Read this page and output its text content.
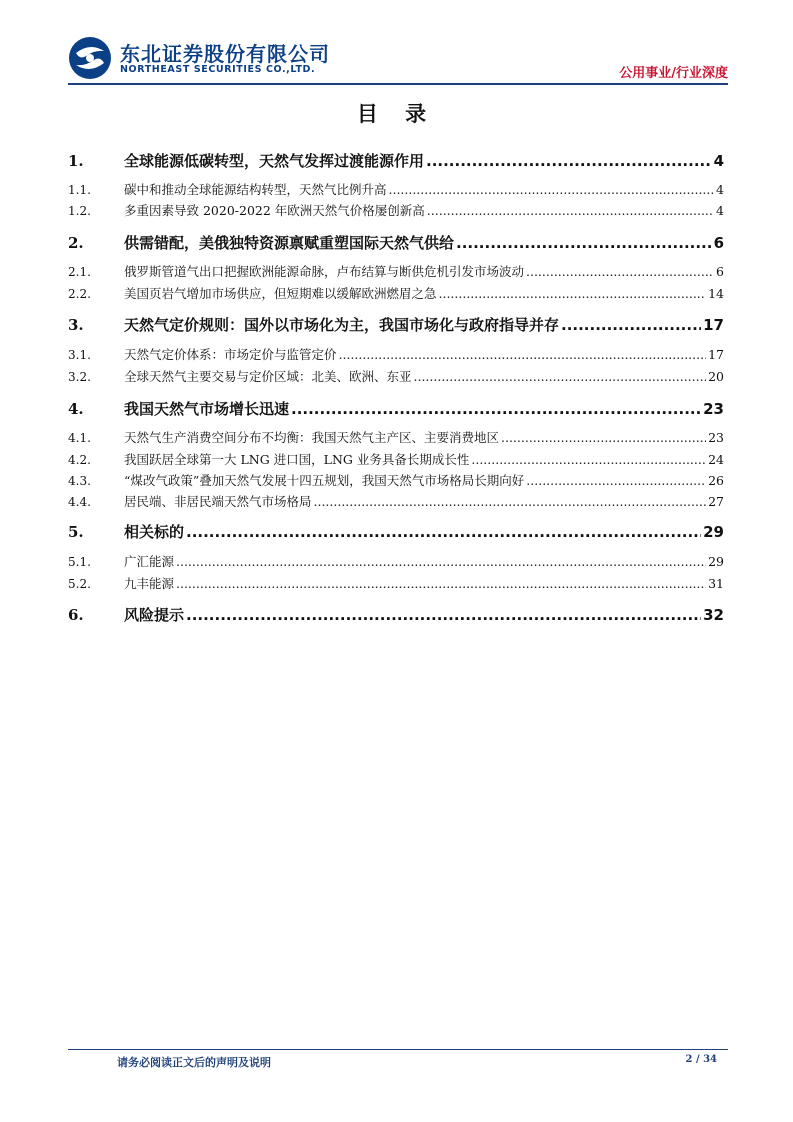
东北证券股份有限公司
NORTHEAST SECURITIES CO.,LTD.	公用事业/行业深度
目 录
1.	全球能源低碳转型，天然气发挥过渡能源作用 .....	4
1.1.	碳中和推动全球能源结构转型，天然气比例升高 .....	4
1.2.	多重因素导致 2020-2022 年欧洲天然气价格屡创新高 .....	4
2.	供需错配，美俄独特资源禀赋重塑国际天然气供给 .....	6
2.1.	俄罗斯管道气出口把握欧洲能源命脉，卢布结算与断供危机引发市场波动 .....	6
2.2.	美国页岩气增加市场供应，但短期难以缓解欧洲燃眉之急 .....	14
3.	天然气定价规则：国外以市场化为主，我国市场化与政府指导并存 .....	17
3.1.	天然气定价体系：市场定价与监管定价 .....	17
3.2.	全球天然气主要交易与定价区域：北美、欧洲、东亚 .....	20
4.	我国天然气市场增长迅速 .....	23
4.1.	天然气生产消费空间分布不均衡：我国天然气主产区、主要消费地区 .....	23
4.2.	我国跃居全球第一大 LNG 进口国，LNG 业务具备长期成长性 .....	24
4.3.	“煤改气政策”叠加天然气发展十四五规划，我国天然气市场格局长期向好 .....	26
4.4.	居民端、非居民端天然气市场格局 .....	27
5.	相关标的 .....	29
5.1.	广汇能源 .....	29
5.2.	九丰能源 .....	31
6.	风险提示 .....	32
请务必阅读正文后的声明及说明	2 / 34
